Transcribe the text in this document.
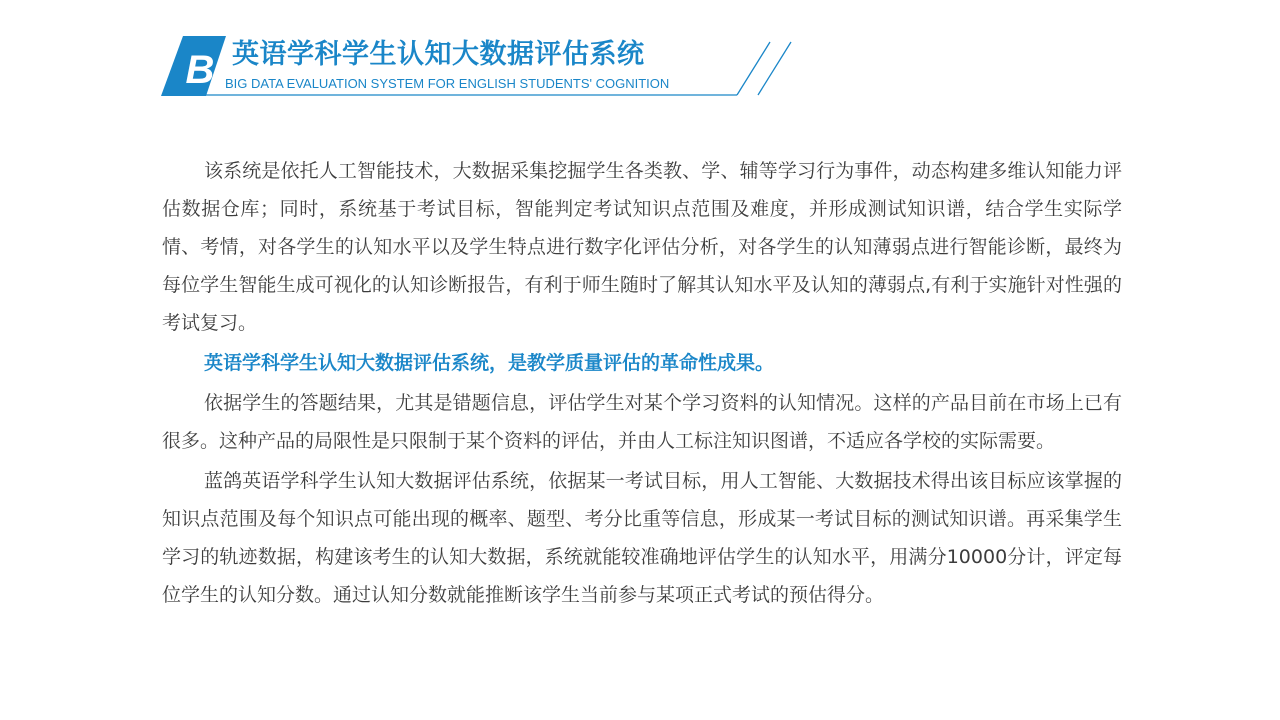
B 英语学科学生认知大数据评估系统
BIG DATA EVALUATION SYSTEM FOR ENGLISH STUDENTS' COGNITION

该系统是依托人工智能技术，大数据采集挖掘学生各类教、学、辅等学习行为事件，动态构建多维认知能力评估数据仓库；同时，系统基于考试目标，智能判定考试知识点范围及难度，并形成测试知识谱，结合学生实际学情、考情，对各学生的认知水平以及学生特点进行数字化评估分析，对各学生的认知薄弱点进行智能诊断，最终为每位学生智能生成可视化的认知诊断报告，有利于师生随时了解其认知水平及认知的薄弱点,有利于实施针对性强的考试复习。

英语学科学生认知大数据评估系统，是教学质量评估的革命性成果。

依据学生的答题结果，尤其是错题信息，评估学生对某个学习资料的认知情况。这样的产品目前在市场上已有很多。这种产品的局限性是只限制于某个资料的评估，并由人工标注知识图谱，不适应各学校的实际需要。

蓝鸽英语学科学生认知大数据评估系统，依据某一考试目标，用人工智能、大数据技术得出该目标应该掌握的知识点范围及每个知识点可能出现的概率、题型、考分比重等信息，形成某一考试目标的测试知识谱。再采集学生学习的轨迹数据，构建该考生的认知大数据，系统就能较准确地评估学生的认知水平，用满分10000分计，评定每位学生的认知分数。通过认知分数就能推断该学生当前参与某项正式考试的预估得分。
